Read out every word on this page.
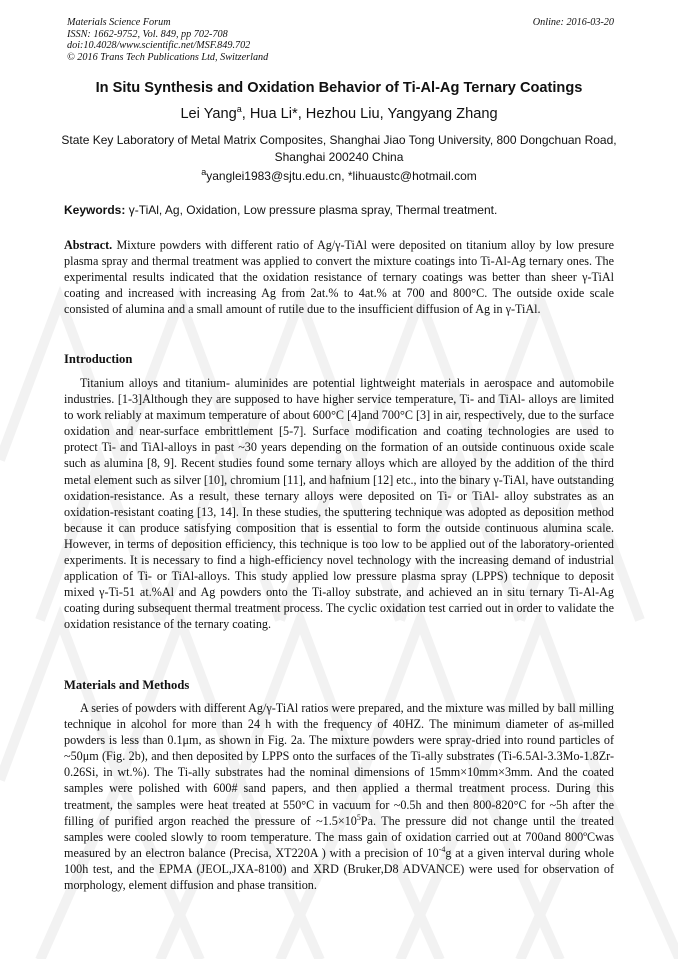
Materials Science Forum
ISSN: 1662-9752, Vol. 849, pp 702-708
doi:10.4028/www.scientific.net/MSF.849.702
© 2016 Trans Tech Publications Ltd, Switzerland
Online: 2016-03-20
In Situ Synthesis and Oxidation Behavior of Ti-Al-Ag Ternary Coatings
Lei Yang$^a$, Hua Li*, Hezhou Liu, Yangyang Zhang
State Key Laboratory of Metal Matrix Composites, Shanghai Jiao Tong University, 800 Dongchuan Road, Shanghai 200240 China
$^a$yanglei1983@sjtu.edu.cn, *lihuaustc@hotmail.com
Keywords: γ-TiAl, Ag, Oxidation, Low pressure plasma spray, Thermal treatment.
Abstract. Mixture powders with different ratio of Ag/γ-TiAl were deposited on titanium alloy by low presure plasma spray and thermal treatment was applied to convert the mixture coatings into Ti-Al-Ag ternary ones. The experimental results indicated that the oxidation resistance of ternary coatings was better than sheer γ-TiAl coating and increased with increasing Ag from 2at.% to 4at.% at 700 and 800°C. The outside oxide scale consisted of alumina and a small amount of rutile due to the insufficient diffusion of Ag in γ-TiAl.
Introduction
Titanium alloys and titanium- aluminides are potential lightweight materials in aerospace and automobile industries. [1-3]Although they are supposed to have higher service temperature, Ti- and TiAl- alloys are limited to work reliably at maximum temperature of about 600°C [4]and 700°C [3] in air, respectively, due to the surface oxidation and near-surface embrittlement [5-7]. Surface modification and coating technologies are used to protect Ti- and TiAl-alloys in past ~30 years depending on the formation of an outside continuous oxide scale such as alumina [8, 9]. Recent studies found some ternary alloys which are alloyed by the addition of the third metal element such as silver [10], chromium [11], and hafnium [12] etc., into the binary γ-TiAl, have outstanding oxidation-resistance. As a result, these ternary alloys were deposited on Ti- or TiAl- alloy substrates as an oxidation-resistant coating [13, 14]. In these studies, the sputtering technique was adopted as deposition method because it can produce satisfying composition that is essential to form the outside continuous alumina scale. However, in terms of deposition efficiency, this technique is too low to be applied out of the laboratory-oriented experiments. It is necessary to find a high-efficiency novel technology with the increasing demand of industrial application of Ti- or TiAl-alloys. This study applied low pressure plasma spray (LPPS) technique to deposit mixed γ-Ti-51 at.%Al and Ag powders onto the Ti-alloy substrate, and achieved an in situ ternary Ti-Al-Ag coating during subsequent thermal treatment process. The cyclic oxidation test carried out in order to validate the oxidation resistance of the ternary coating.
Materials and Methods
A series of powders with different Ag/γ-TiAl ratios were prepared, and the mixture was milled by ball milling technique in alcohol for more than 24 h with the frequency of 40HZ. The minimum diameter of as-milled powders is less than 0.1μm, as shown in Fig. 2a. The mixture powders were spray-dried into round particles of ~50μm (Fig. 2b), and then deposited by LPPS onto the surfaces of the Ti-ally substrates (Ti-6.5Al-3.3Mo-1.8Zr-0.26Si, in wt.%). The Ti-ally substrates had the nominal dimensions of 15mm×10mm×3mm. And the coated samples were polished with 600# sand papers, and then applied a thermal treatment process. During this treatment, the samples were heat treated at 550°C in vacuum for ~0.5h and then 800-820°C for ~5h after the filling of purified argon reached the pressure of $\sim 1.5\times 10^5Pa$. The pressure did not change until the treated samples were cooled slowly to room temperature. The mass gain of oxidation carried out at 700and 800ºCwas measured by an electron balance (Precisa, XT220A ) with a precision of $10^{-4}g$ at a given interval during whole 100h test, and the EPMA (JEOL,JXA-8100) and XRD (Bruker,D8 ADVANCE) were used for observation of morphology, element diffusion and phase transition.
